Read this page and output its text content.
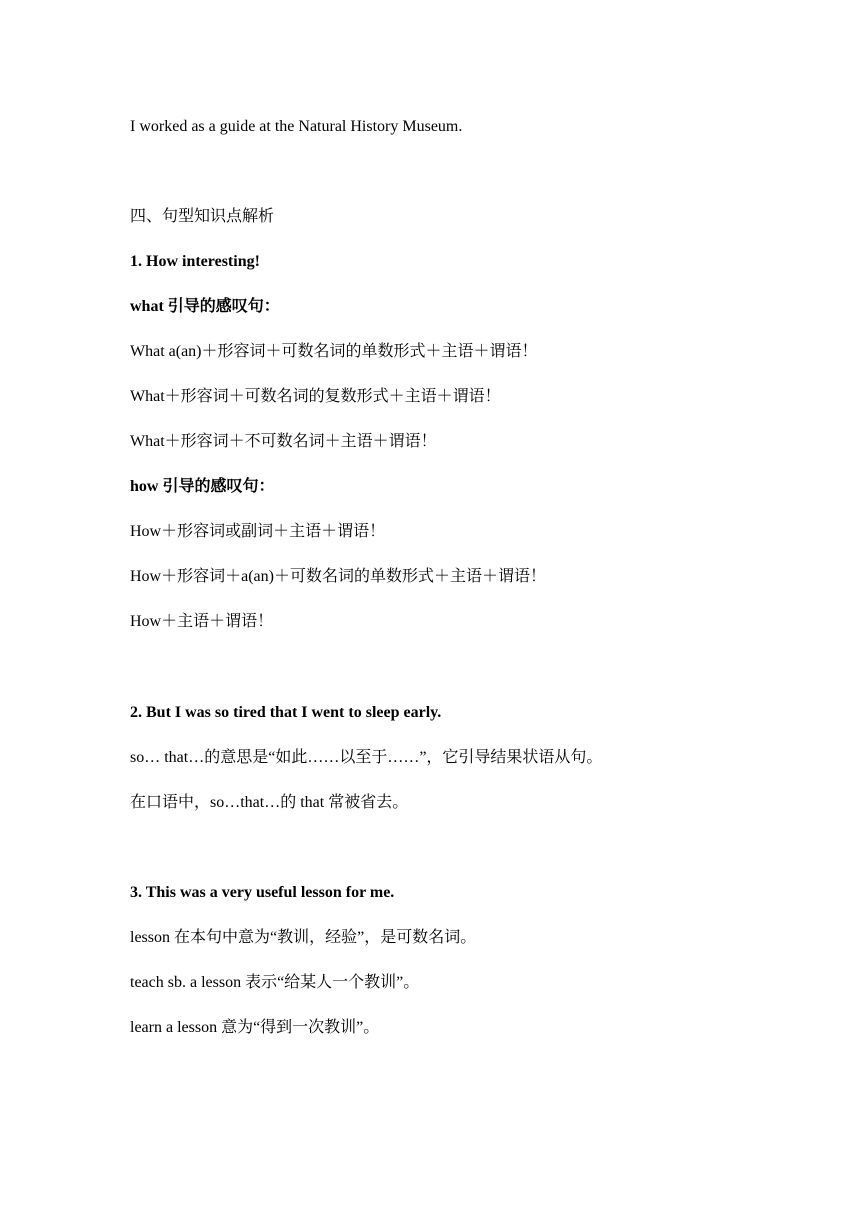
I worked as a guide at the Natural History Museum.
四、句型知识点解析
1. How interesting!
what 引导的感叹句：
What a(an)＋形容词＋可数名词的单数形式＋主语＋谓语！
What＋形容词＋可数名词的复数形式＋主语＋谓语！
What＋形容词＋不可数名词＋主语＋谓语！
how 引导的感叹句：
How＋形容词或副词＋主语＋谓语！
How＋形容词＋a(an)＋可数名词的单数形式＋主语＋谓语！
How＋主语＋谓语！
2. But I was so tired that I went to sleep early.
so… that…的意思是“如此……以至于……”，它引导结果状语从句。
在口语中，so…that…的 that 常被省去。
3. This was a very useful lesson for me.
lesson 在本句中意为“教训，经验”，是可数名词。
teach sb. a lesson 表示“给某人一个教训”。
learn a lesson 意为“得到一次教训”。
